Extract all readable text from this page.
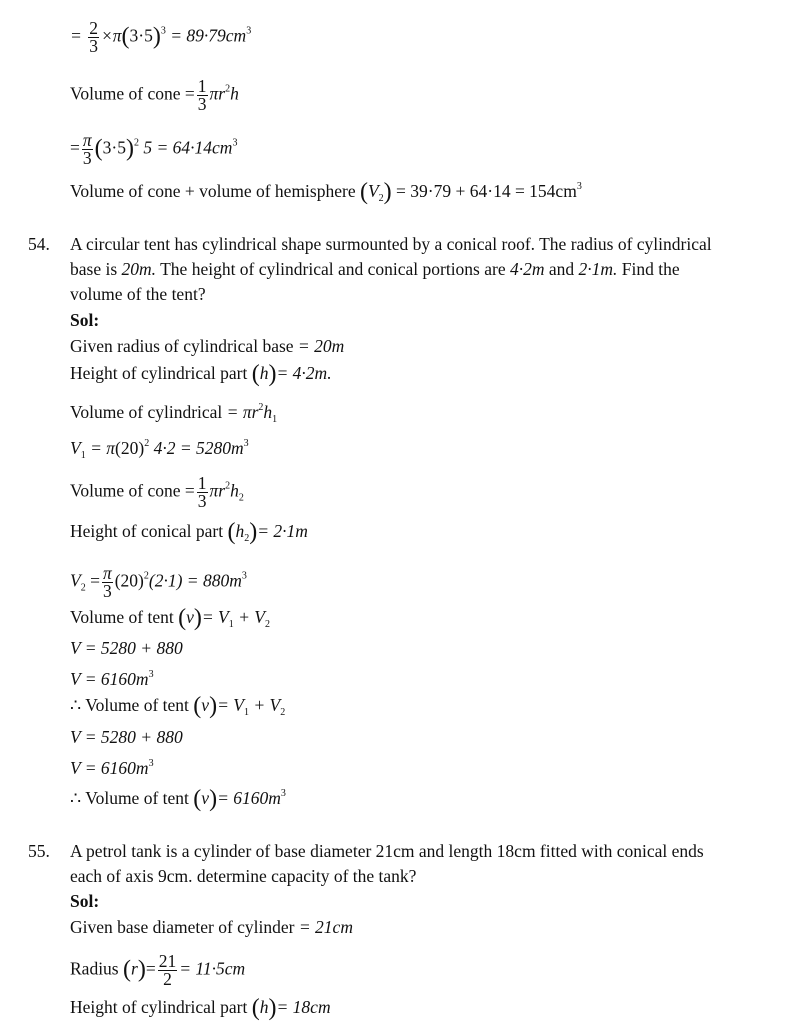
= $\frac{2}{3} \times\pi(3\cdot 5)^3 = 89\cdot 79cm^3$
Volume of cone = $\frac{1}{3} \pi r^2h$
= $\frac{\pi}{3} (3\cdot 5)^2$ $5 = 64\cdot 14cm^3$
Volume of cone + volume of hemisphere $(V_2) = 39\cdot 79 + 64\cdot 14 = 154cm^3$
54. A circular tent has cylindrical shape surmounted by a conical roof. The radius of cylindrical
base is 20m. The height of cylindrical and conical portions are 4·2m and 2·1m. Find the
volume of the tent?
Sol:
Given radius of cylindrical base = 20m
Height of cylindrical part (h)= 4·2m.
Volume of cylindrical = $\pi r^2h_1$
$V_1 = \pi(20)^2$ $4\cdot 2 = 5280m^3$
Volume of cone = $\frac{1}{3} \pi r^2h_2$
Height of conical part $(h_2)= 2\cdot 1m$
$V_2 = \frac{\pi}{3} (20)^2(2\cdot 1) = 880m^3$
Volume of tent $(v)= V_1 + V_2$
V = 5280 + 880
$V = 6160m^3$
∴ Volume of tent $(v)= V_1 + V_2$
V = 5280 + 880
$V = 6160m^3$
∴ Volume of tent $(v)= 6160m^3$
55. A petrol tank is a cylinder of base diameter 21cm and length 18cm fitted with conical ends
each of axis 9cm. determine capacity of the tank?
Sol:
Given base diameter of cylinder = 21cm
Radius $(r)= \frac{21}{2} = 11\cdot 5cm$
Height of cylindrical part (h)= 18cm
